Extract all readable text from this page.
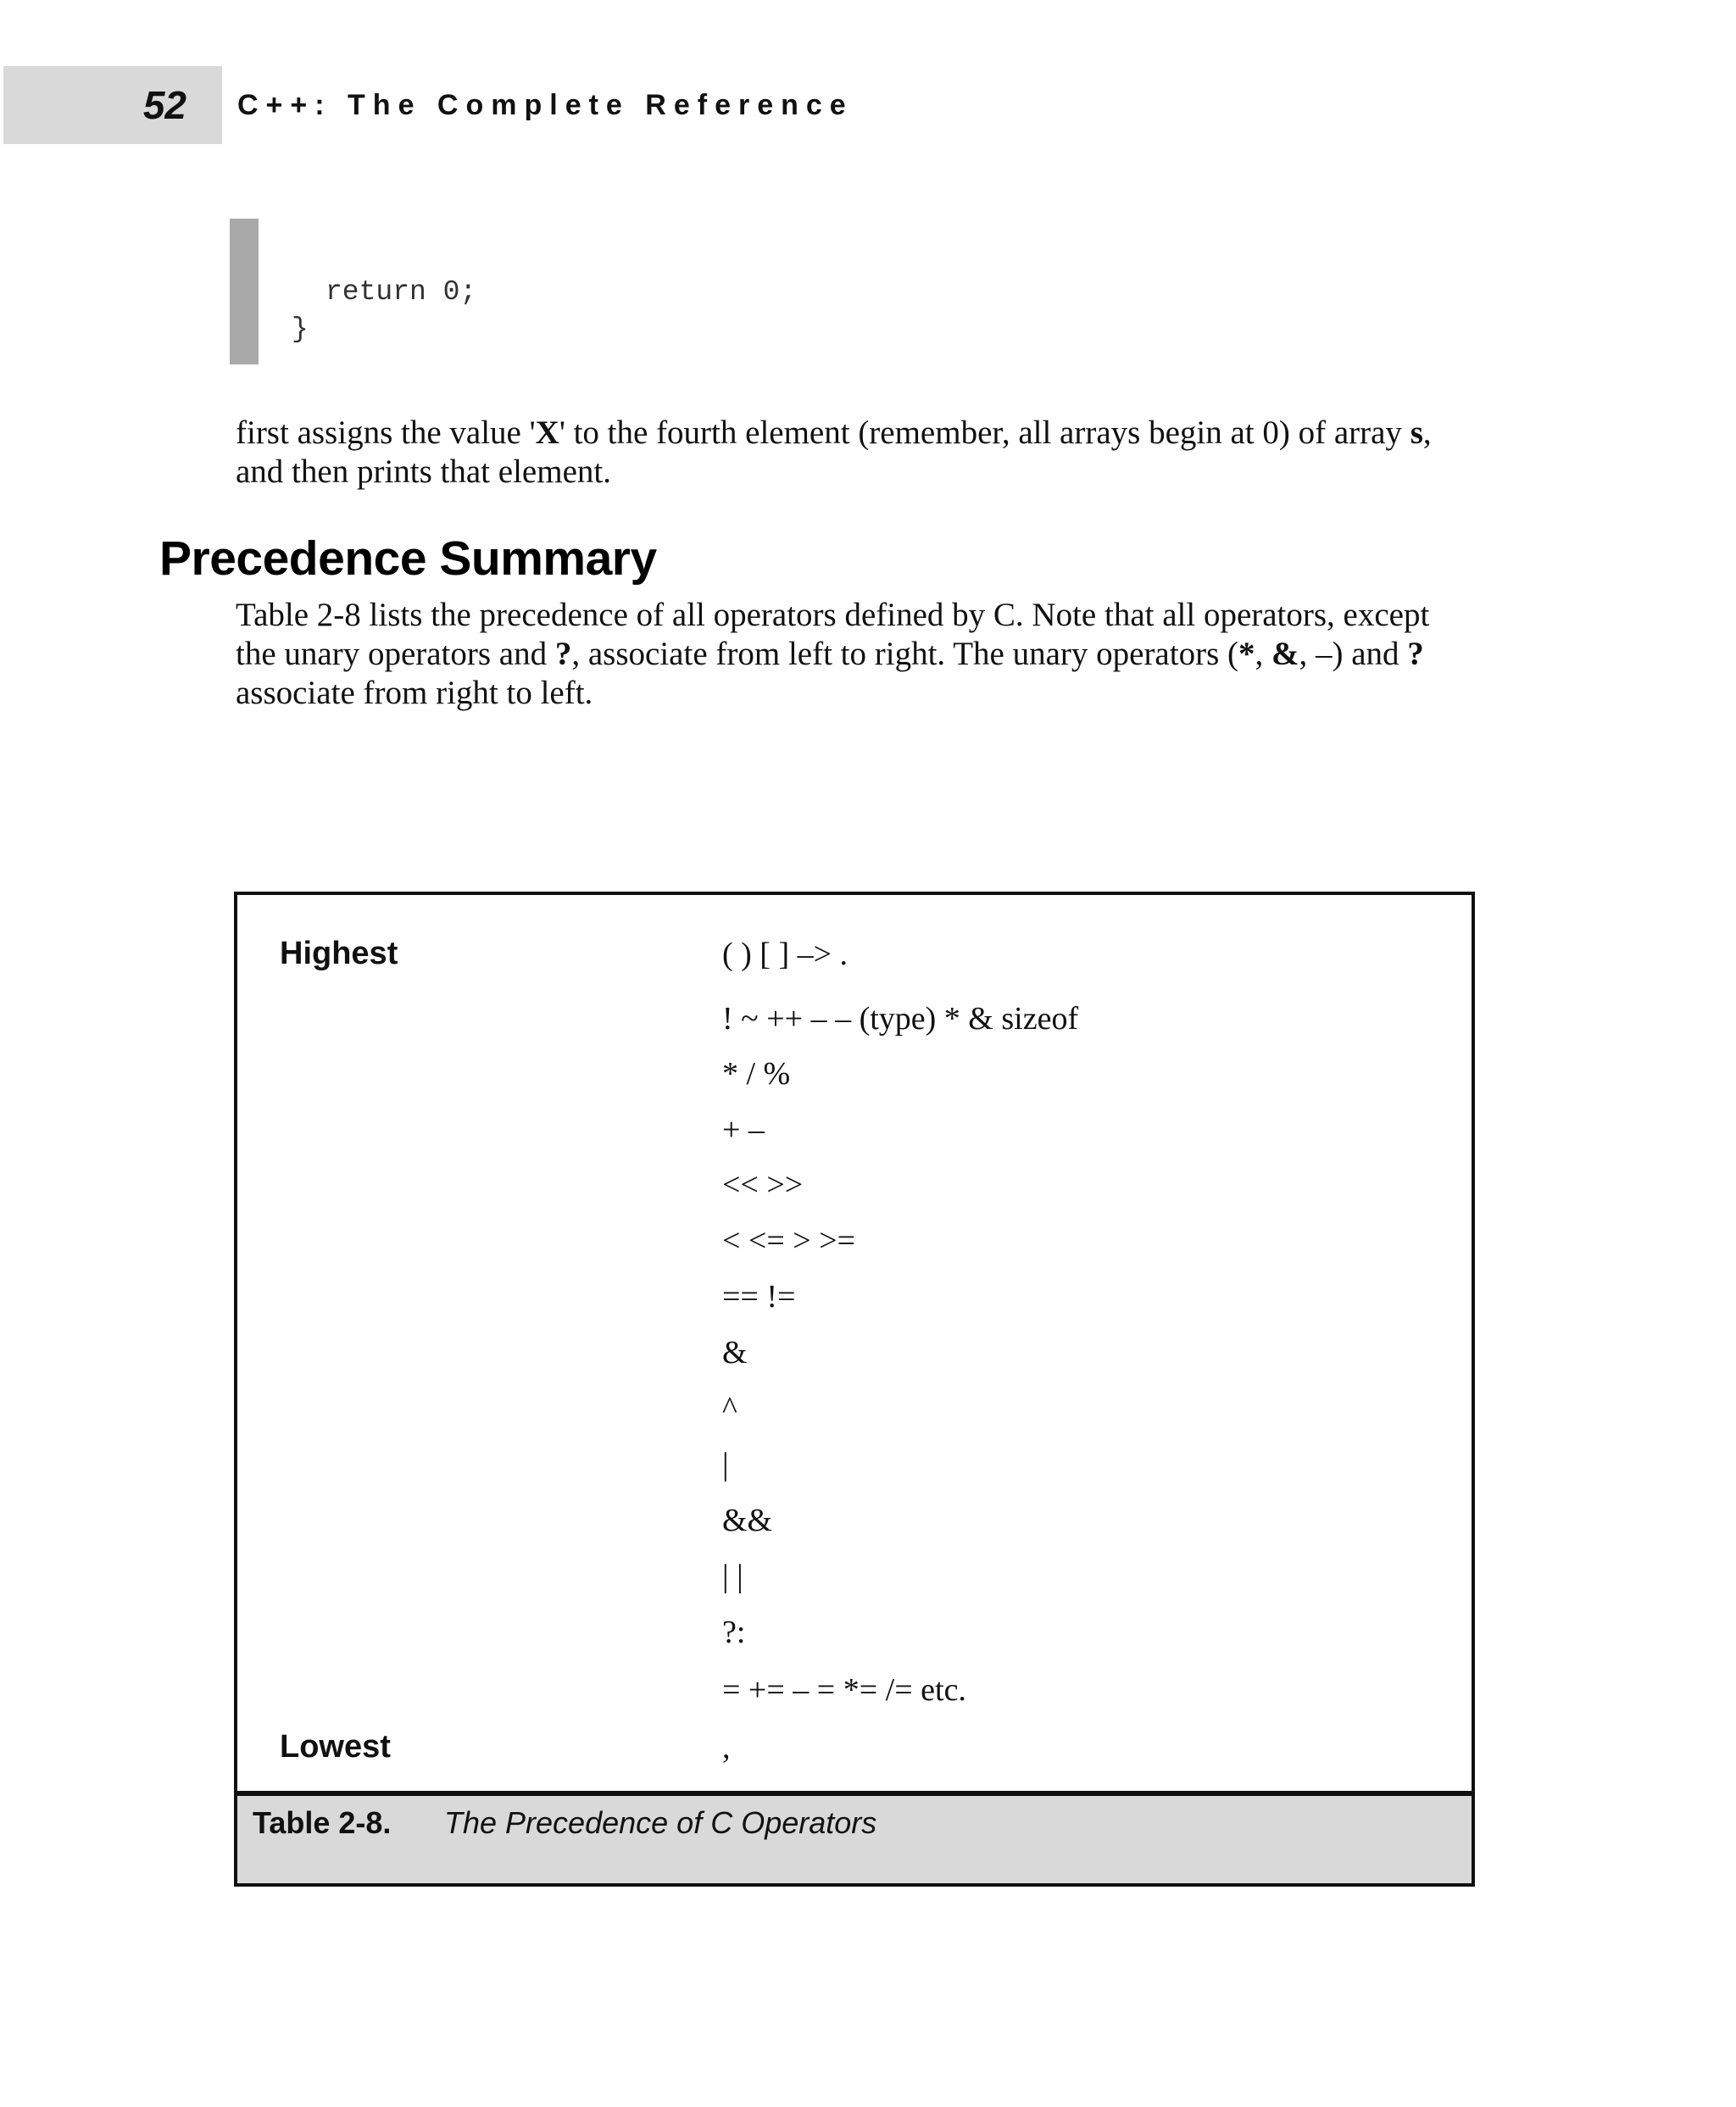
52 C++: The Complete Reference
return 0;
}
first assigns the value 'X' to the fourth element (remember, all arrays begin at 0) of array s, and then prints that element.
Precedence Summary
Table 2-8 lists the precedence of all operators defined by C. Note that all operators, except the unary operators and ?, associate from left to right. The unary operators (*, &, –) and ? associate from right to left.
Highest
Lowest
( ) [ ] –> .
! ~ ++ – – (type) * & sizeof
* / %
+ –
<< >>
< <= > >=
== !=
&
^
|
&&
| |
?:
= += – = *= /= etc.
,
Table 2-8. The Precedence of C Operators
